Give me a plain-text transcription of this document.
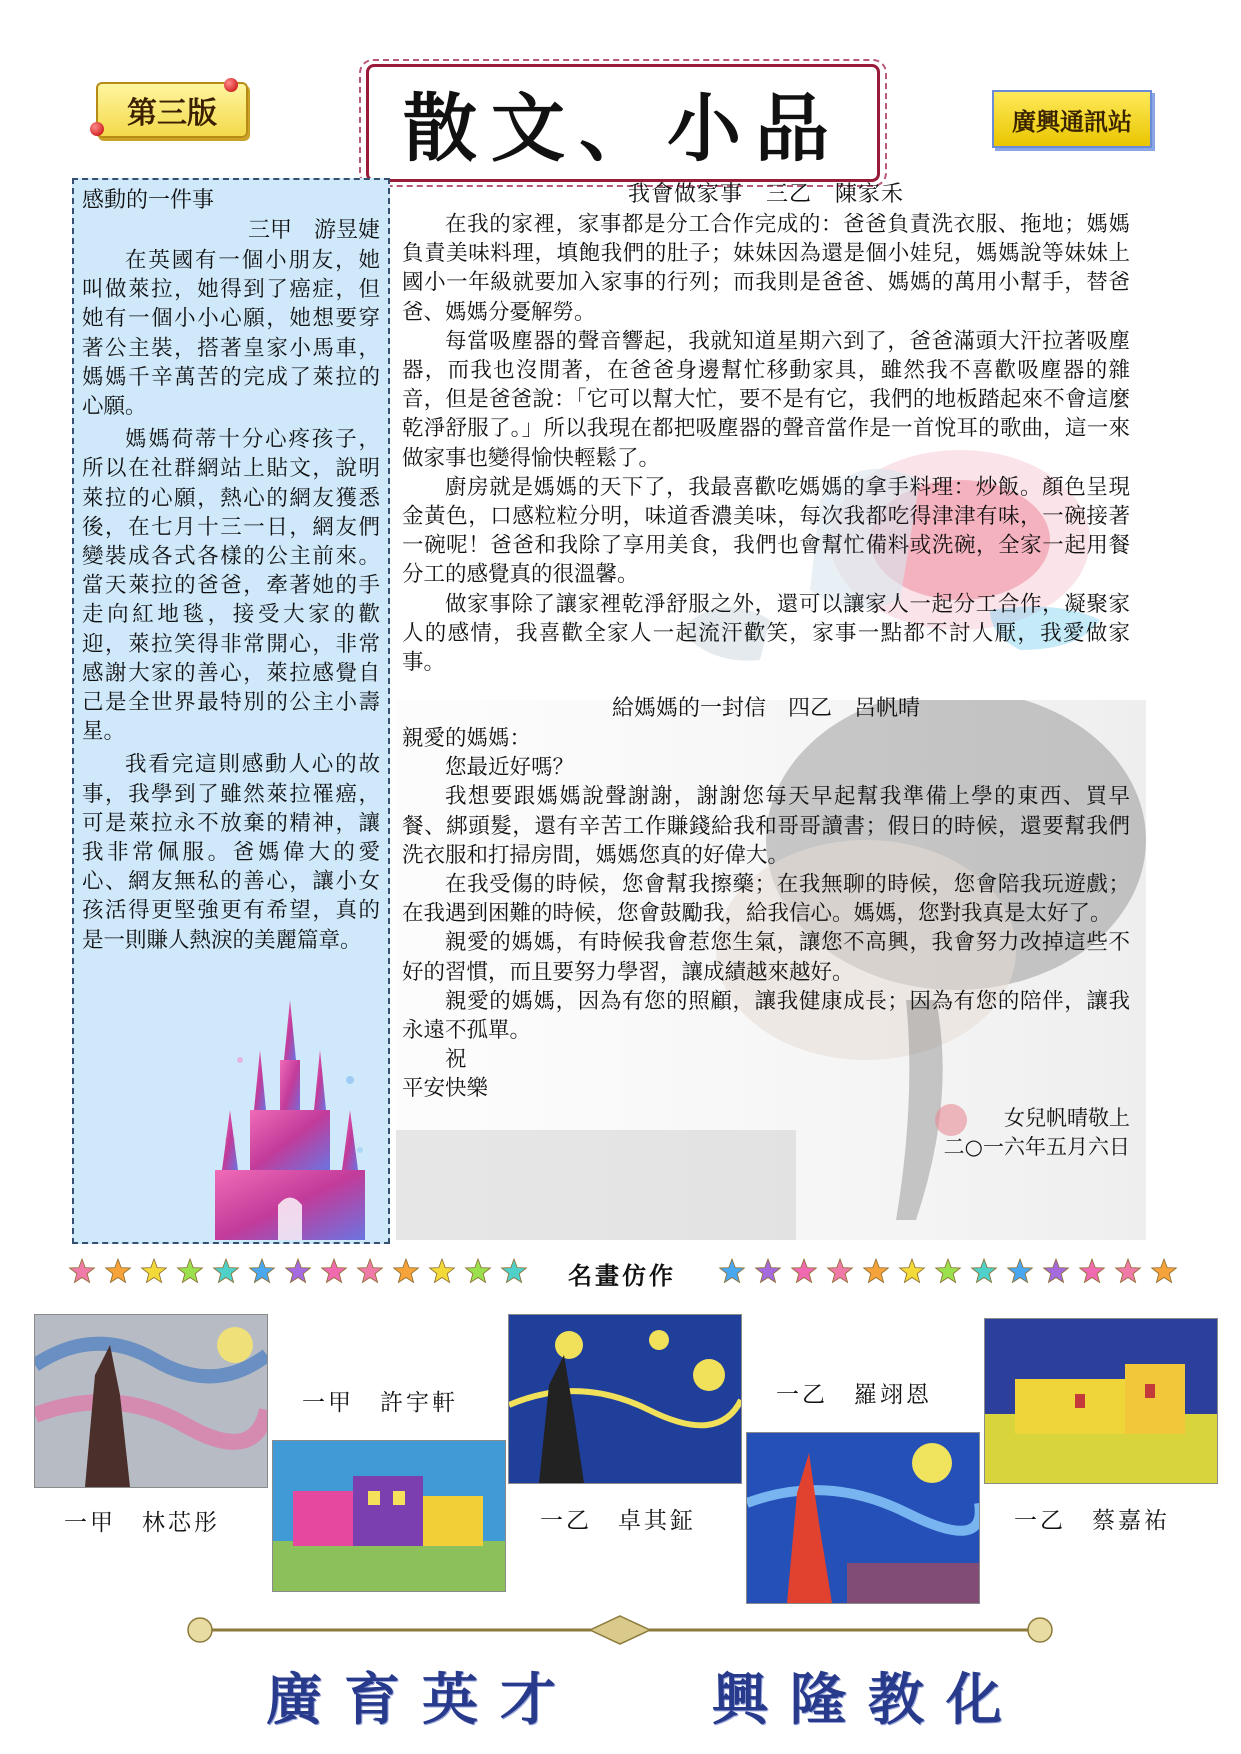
第三版	散文、小品	廣興通訊站
感動的一件事
三甲　游昱婕

在英國有一個小朋友，她叫做萊拉，她得到了癌症，但她有一個小小心願，她想要穿著公主裝，搭著皇家小馬車，媽媽千辛萬苦的完成了萊拉的心願。

媽媽荷蒂十分心疼孩子，所以在社群網站上貼文，說明萊拉的心願，熱心的網友獲悉後，在七月十三一日，網友們變裝成各式各樣的公主前來。當天萊拉的爸爸，牽著她的手走向紅地毯，接受大家的歡迎，萊拉笑得非常開心，非常感謝大家的善心，萊拉感覺自己是全世界最特別的公主小壽星。

我看完這則感動人心的故事，我學到了雖然萊拉罹癌，可是萊拉永不放棄的精神，讓我非常佩服。爸媽偉大的愛心、網友無私的善心，讓小女孩活得更堅強更有希望，真的是一則賺人熱淚的美麗篇章。

我會做家事　三乙　陳家禾

在我的家裡，家事都是分工合作完成的：爸爸負責洗衣服、拖地；媽媽負責美味料理，填飽我們的肚子；妹妹因為還是個小娃兒，媽媽說等妹妹上國小一年級就要加入家事的行列；而我則是爸爸、媽媽的萬用小幫手，替爸爸、媽媽分憂解勞。

每當吸塵器的聲音響起，我就知道星期六到了，爸爸滿頭大汗拉著吸塵器，而我也沒閒著，在爸爸身邊幫忙移動家具，雖然我不喜歡吸塵器的雜音，但是爸爸說：「它可以幫大忙，要不是有它，我們的地板踏起來不會這麼乾淨舒服了。」所以我現在都把吸塵器的聲音當作是一首悅耳的歌曲，這一來做家事也變得愉快輕鬆了。

廚房就是媽媽的天下了，我最喜歡吃媽媽的拿手料理：炒飯。顏色呈現金黃色，口感粒粒分明，味道香濃美味，每次我都吃得津津有味，一碗接著一碗呢！爸爸和我除了享用美食，我們也會幫忙備料或洗碗，全家一起用餐分工的感覺真的很溫馨。

做家事除了讓家裡乾淨舒服之外，還可以讓家人一起分工合作，凝聚家人的感情，我喜歡全家人一起流汗歡笑，家事一點都不討人厭，我愛做家事。

給媽媽的一封信　四乙　呂帆晴

親愛的媽媽：

您最近好嗎？

我想要跟媽媽說聲謝謝，謝謝您每天早起幫我準備上學的東西、買早餐、綁頭髮，還有辛苦工作賺錢給我和哥哥讀書；假日的時候，還要幫我們洗衣服和打掃房間，媽媽您真的好偉大。

在我受傷的時候，您會幫我擦藥；在我無聊的時候，您會陪我玩遊戲；在我遇到困難的時候，您會鼓勵我，給我信心。媽媽，您對我真是太好了。

親愛的媽媽，有時候我會惹您生氣，讓您不高興，我會努力改掉這些不好的習慣，而且要努力學習，讓成績越來越好。

親愛的媽媽，因為有您的照顧，讓我健康成長；因為有您的陪伴，讓我永遠不孤單。

祝

平安快樂

女兒帆晴敬上

二○一六年五月六日

名畫仿作
一甲　林芯彤
一甲　許宇軒
一乙　卓其鉦
一乙　羅翊恩
一乙　蔡嘉祐
廣育英才 興隆教化
